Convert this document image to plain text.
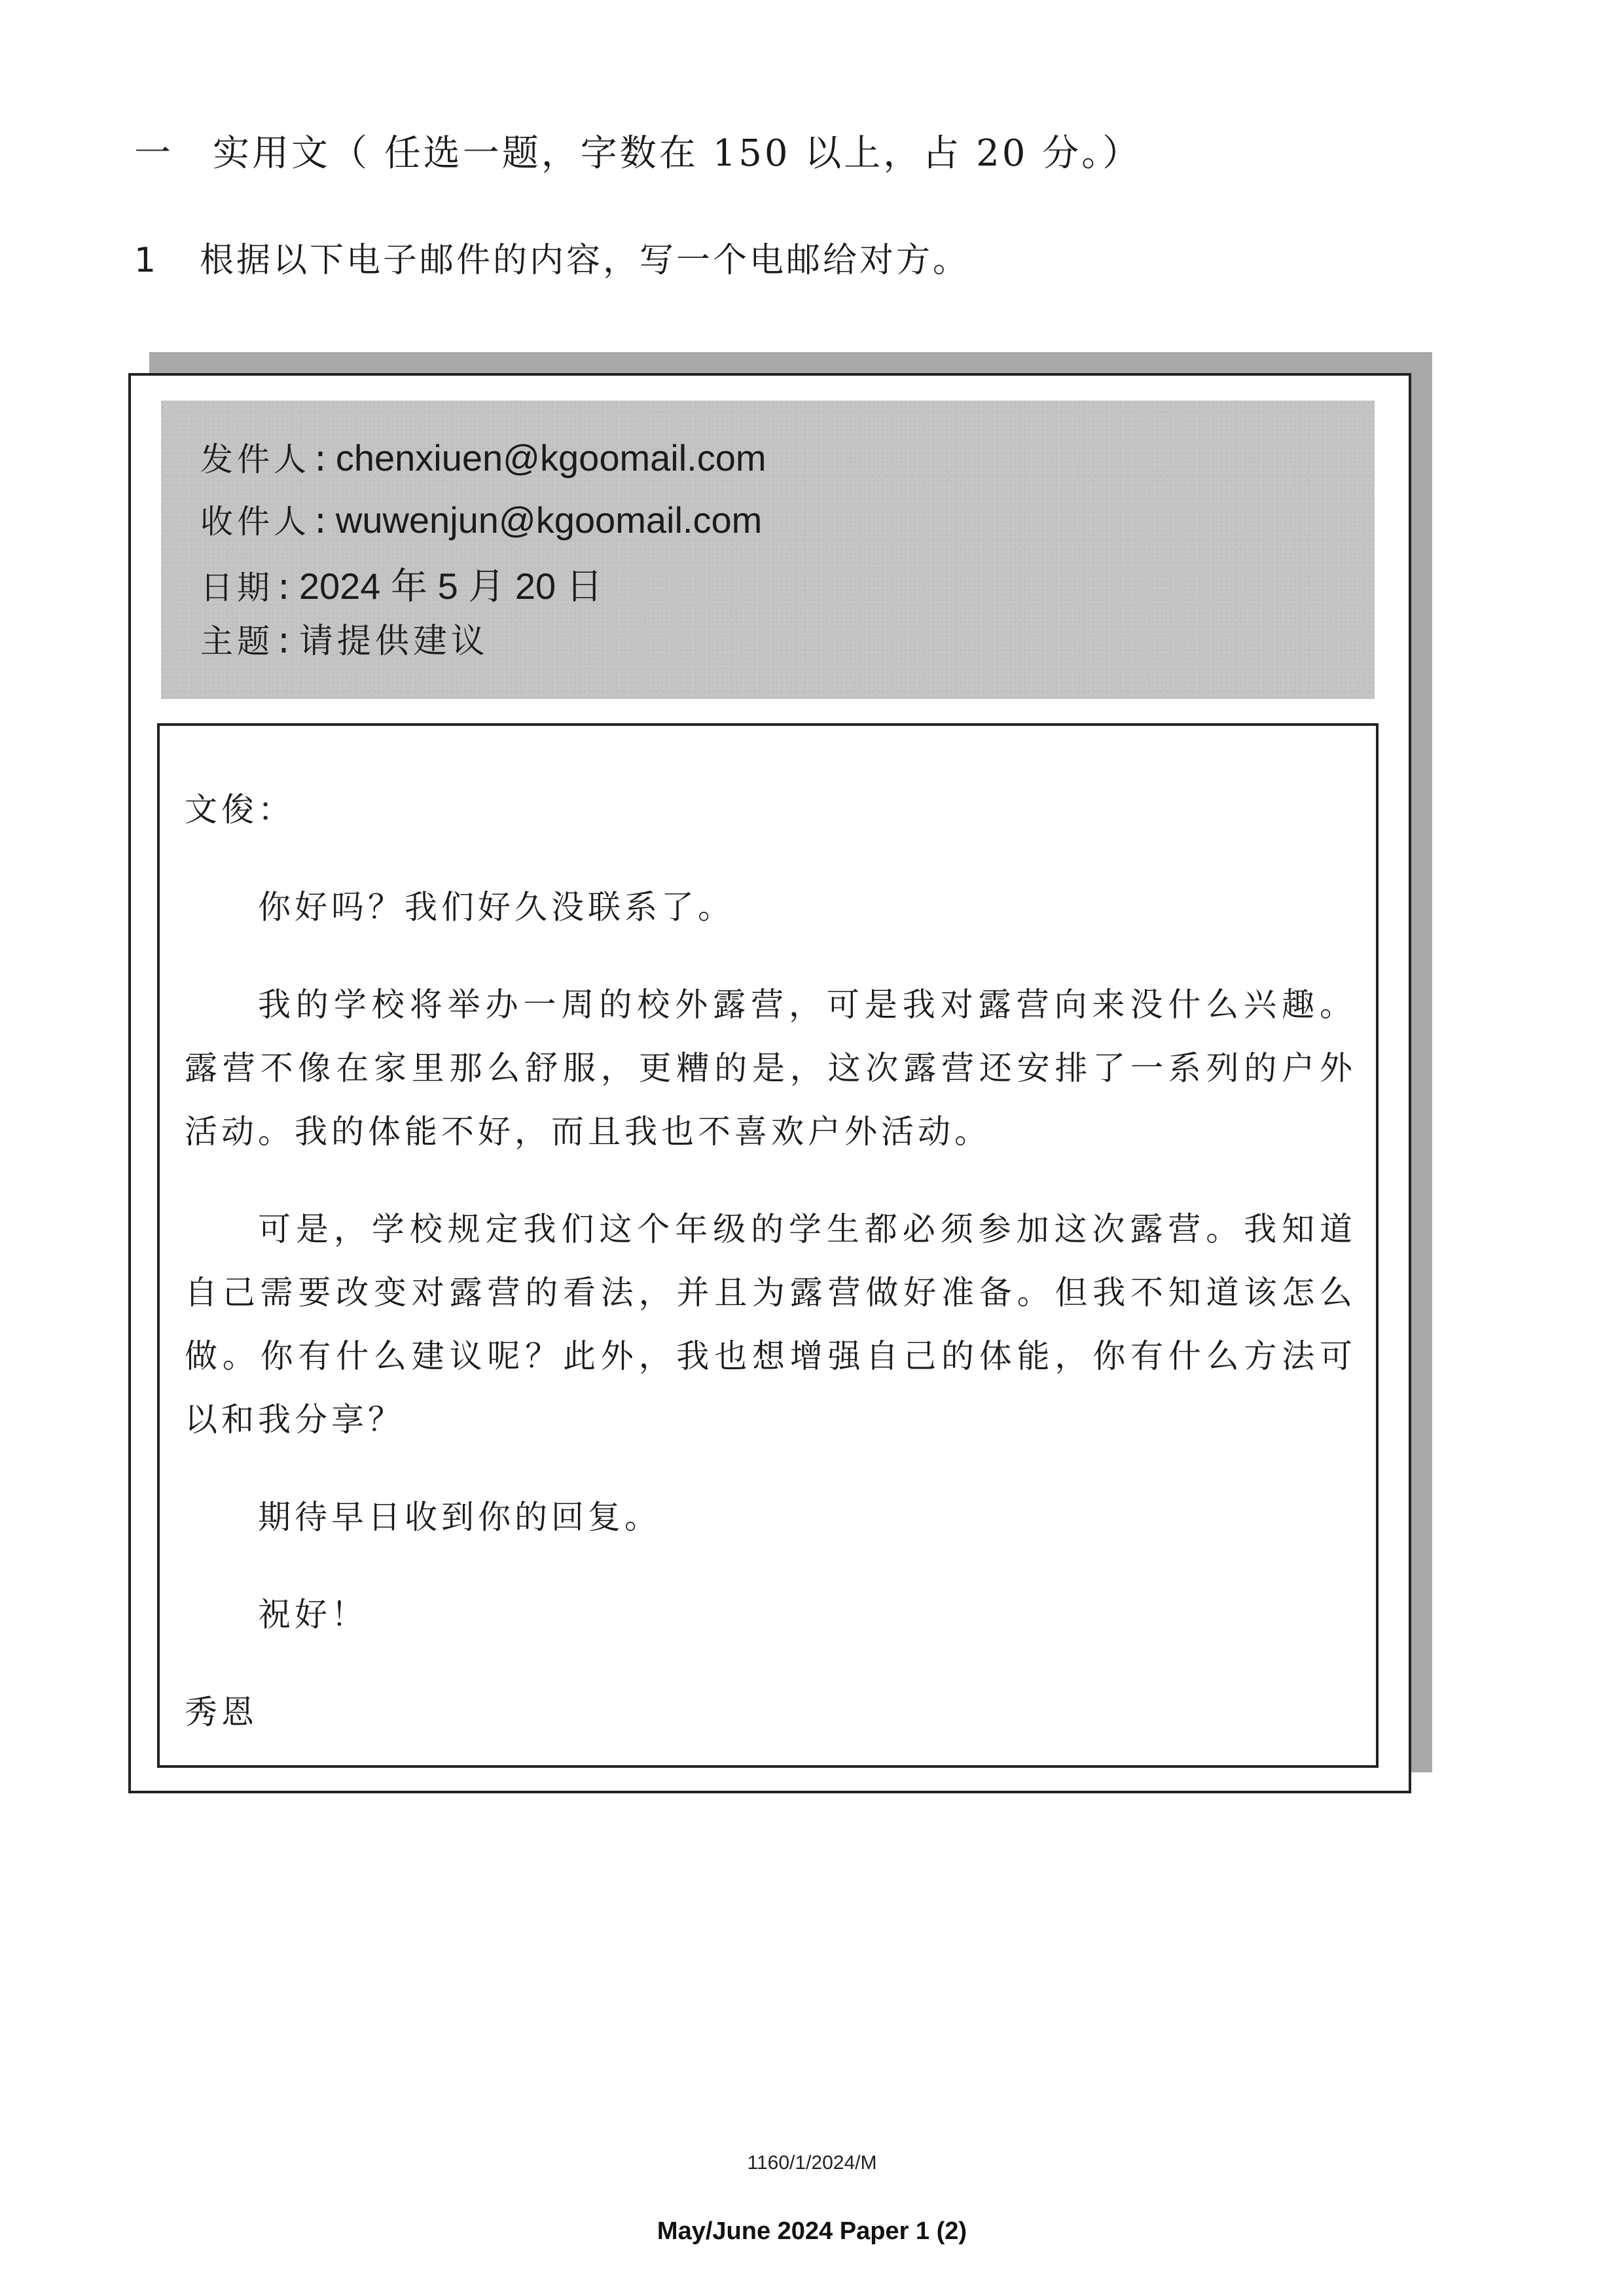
一 实用文（ 任选一题，字数在 150 以上，占 20 分。）
1 根据以下电子邮件的内容，写一个电邮给对方。
发件人 : chenxiuen@kgoomail.com
收件人 : wuwenjun@kgoomail.com
日期 : 2024 年 5 月 20 日
主题 : 请提供建议

文俊：

你好吗？我们好久没联系了。

我的学校将举办一周的校外露营，可是我对露营向来没什么兴趣。露营不像在家里那么舒服，更糟的是，这次露营还安排了一系列的户外活动。我的体能不好，而且我也不喜欢户外活动。

可是，学校规定我们这个年级的学生都必须参加这次露营。我知道自己需要改变对露营的看法，并且为露营做好准备。但我不知道该怎么做。你有什么建议呢？此外，我也想增强自己的体能，你有什么方法可以和我分享？

期待早日收到你的回复。

祝好！

秀恩

1160/1/2024/M
May/June 2024 Paper 1 (2)
